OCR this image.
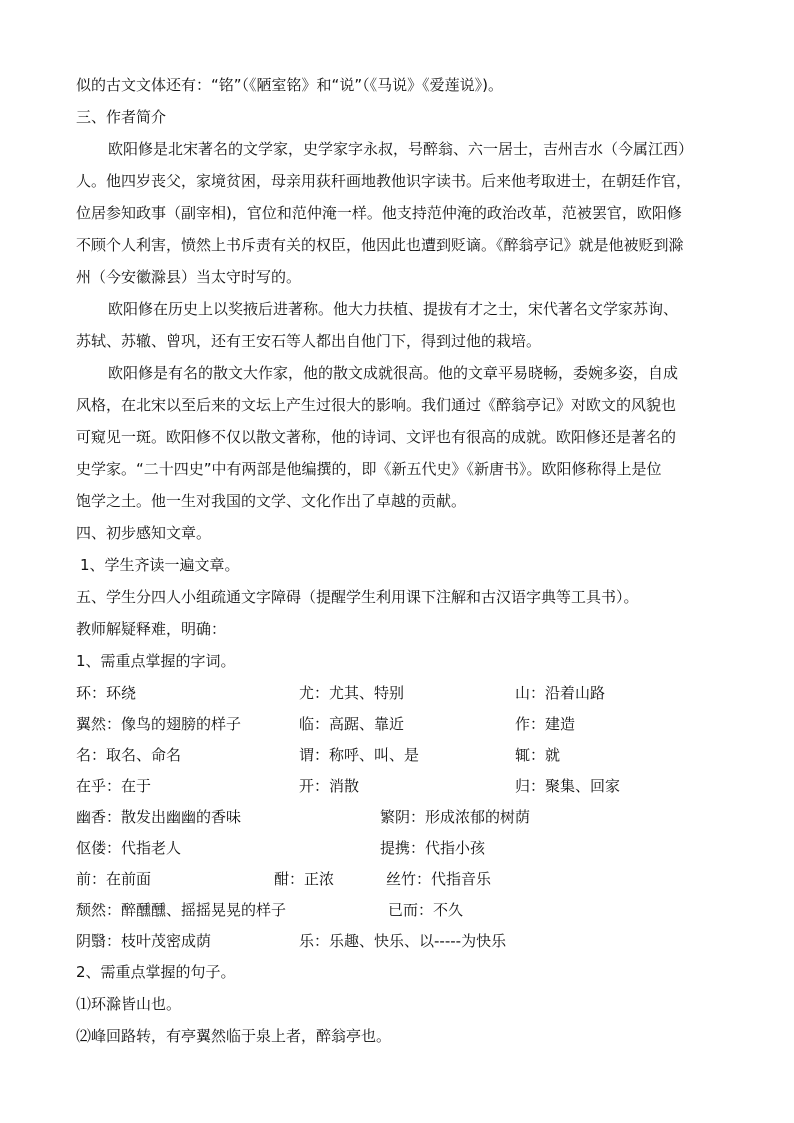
似的古文文体还有：“铭”（《陋室铭》和“说”（《马说》《爱莲说》)。
三、作者简介
欧阳修是北宋著名的文学家，史学家字永叔，号醉翁、六一居士，吉州吉水（今属江西）
人。他四岁丧父，家境贫困，母亲用荻秆画地教他识字读书。后来他考取进士，在朝廷作官，
位居参知政事（副宰相)，官位和范仲淹一样。他支持范仲淹的政治改革，范被罢官，欧阳修
不顾个人利害，愤然上书斥责有关的权臣，他因此也遭到贬谪。《醉翁亭记》就是他被贬到滁
州（今安徽滁县）当太守时写的。
欧阳修在历史上以奖掖后进著称。他大力扶植、提拔有才之士，宋代著名文学家苏询、
苏轼、苏辙、曾巩，还有王安石等人都出自他门下，得到过他的栽培。
欧阳修是有名的散文大作家，他的散文成就很高。他的文章平易晓畅，委婉多姿，自成
风格，在北宋以至后来的文坛上产生过很大的影响。我们通过《醉翁亭记》对欧文的风貌也
可窥见一斑。欧阳修不仅以散文著称，他的诗词、文评也有很高的成就。欧阳修还是著名的
史学家。“二十四史”中有两部是他编撰的，即《新五代史》《新唐书》。欧阳修称得上是位
饱学之土。他一生对我国的文学、文化作出了卓越的贡献。
四、初步感知文章。
1、学生齐读一遍文章。
五、学生分四人小组疏通文字障碍（提醒学生利用课下注解和古汉语字典等工具书）。
教师解疑释难，明确：
1、需重点掌握的字词。
环：环绕	尤：尤其、特别	山：沿着山路
翼然：像鸟的翅膀的样子	临：高踞、靠近	作：建造
名：取名、命名	谓：称呼、叫、是	辄：就
在乎：在于	开：消散	归：聚集、回家
幽香：散发出幽幽的香味	繁阴：形成浓郁的树荫
伛偻：代指老人	提携：代指小孩
前：在前面	酣：正浓	丝竹：代指音乐
颓然：醉醺醺、摇摇晃晃的样子	已而：不久
阴翳：枝叶茂密成荫	乐：乐趣、快乐、以-----为快乐
2、需重点掌握的句子。
⑴环滁皆山也。
⑵峰回路转，有亭翼然临于泉上者，醉翁亭也。
